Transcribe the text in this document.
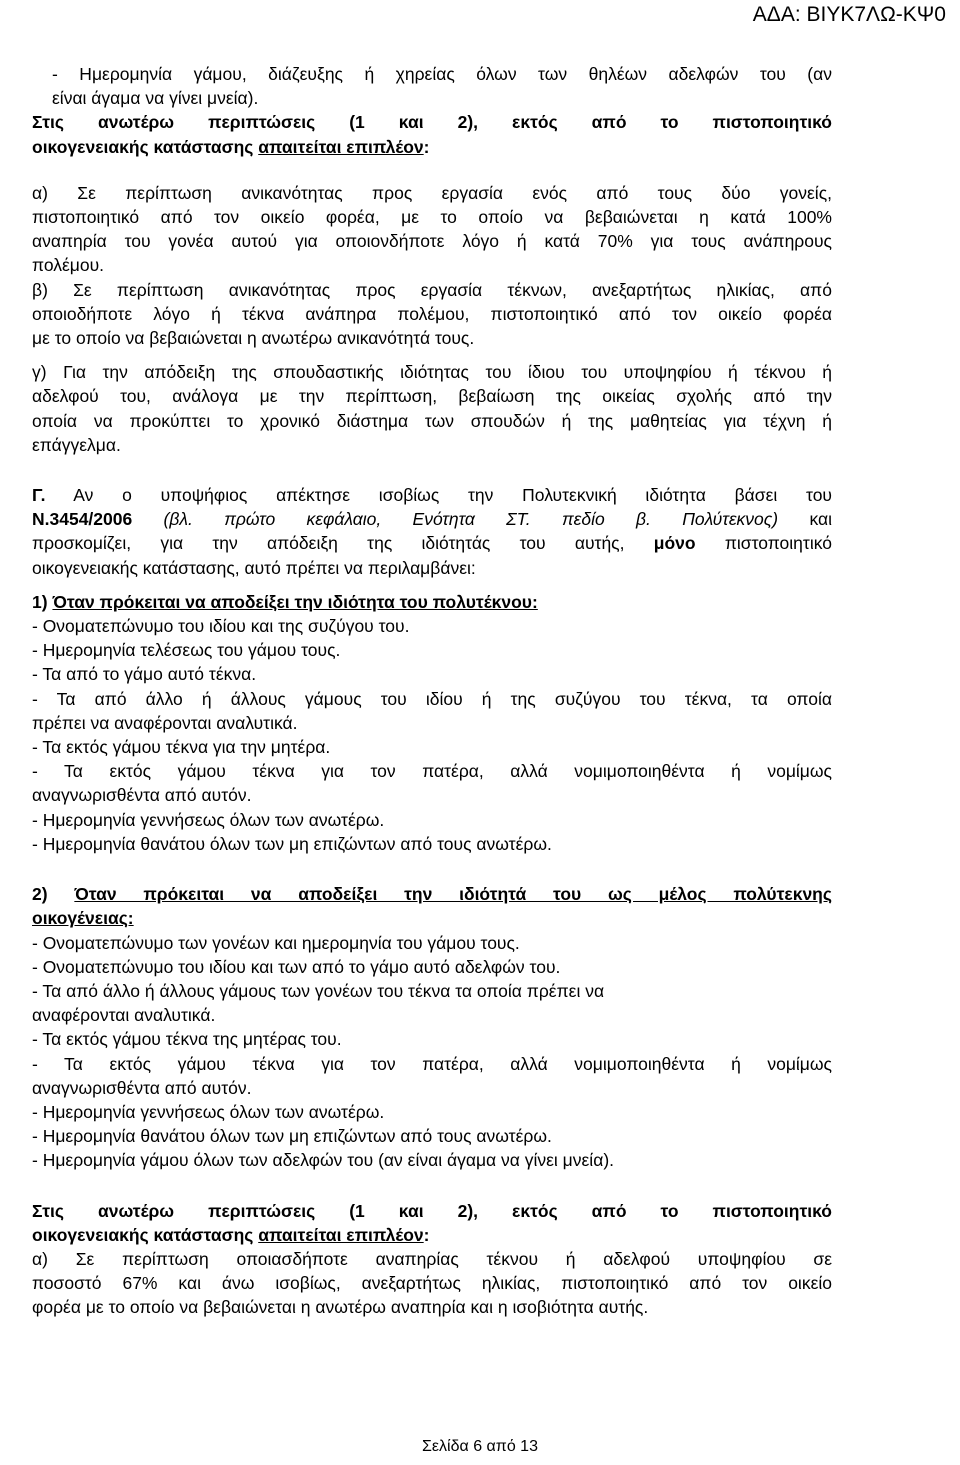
ΑΔΑ: ΒΙΥΚ7ΛΩ-ΚΨ0
- Ημερομηνία γάμου, διάζευξης ή χηρείας όλων των θηλέων αδελφών του (αν
είναι άγαμα να γίνει μνεία).
Στις ανωτέρω περιπτώσεις (1 και 2), εκτός από το πιστοποιητικό
οικογενειακής κατάστασης απαιτείται επιπλέον:
α) Σε περίπτωση ανικανότητας προς εργασία ενός από τους δύο γονείς,
πιστοποιητικό από τον οικείο φορέα, με το οποίο να βεβαιώνεται η κατά 100%
αναπηρία του γονέα αυτού για οποιονδήποτε λόγο ή κατά 70% για τους ανάπηρους
πολέμου.
β) Σε περίπτωση ανικανότητας προς εργασία τέκνων, ανεξαρτήτως ηλικίας, από
οποιοδήποτε λόγο ή τέκνα ανάπηρα πολέμου, πιστοποιητικό από τον οικείο φορέα
με το οποίο να βεβαιώνεται η ανωτέρω ανικανότητά τους.
γ) Για την απόδειξη της σπουδαστικής ιδιότητας του ίδιου του υποψηφίου ή τέκνου ή
αδελφού του, ανάλογα με την περίπτωση, βεβαίωση της οικείας σχολής από την
οποία να προκύπτει το χρονικό διάστημα των σπουδών ή της μαθητείας για τέχνη ή
επάγγελμα.
Γ. Αν ο υποψήφιος απέκτησε ισοβίως την Πολυτεκνική ιδιότητα βάσει του
Ν.3454/2006 (βλ. πρώτο κεφάλαιο, Ενότητα ΣΤ. πεδίο β. Πολύτεκνος) και
προσκομίζει, για την απόδειξη της ιδιότητάς του αυτής, μόνο πιστοποιητικό
οικογενειακής κατάστασης, αυτό πρέπει να περιλαμβάνει:
1) Όταν πρόκειται να αποδείξει την ιδιότητα του πολυτέκνου:
- Ονοματεπώνυμο του ιδίου και της συζύγου του.
- Ημερομηνία τελέσεως του γάμου τους.
- Τα από το γάμο αυτό τέκνα.
- Τα από άλλο ή άλλους γάμους του ιδίου ή της συζύγου του τέκνα, τα οποία
πρέπει να αναφέρονται αναλυτικά.
- Τα εκτός γάμου τέκνα για την μητέρα.
- Τα εκτός γάμου τέκνα για τον πατέρα, αλλά νομιμοποιηθέντα ή νομίμως
αναγνωρισθέντα από αυτόν.
- Ημερομηνία γεννήσεως όλων των ανωτέρω.
- Ημερομηνία θανάτου όλων των μη επιζώντων από τους ανωτέρω.
2) Όταν πρόκειται να αποδείξει την ιδιότητά του ως μέλος πολύτεκνης
οικογένειας:
- Ονοματεπώνυμο των γονέων και ημερομηνία του γάμου τους.
- Ονοματεπώνυμο του ιδίου και των από το γάμο αυτό αδελφών του.
- Τα από άλλο ή άλλους γάμους των γονέων του τέκνα τα οποία πρέπει να
αναφέρονται αναλυτικά.
- Τα εκτός γάμου τέκνα της μητέρας του.
- Τα εκτός γάμου τέκνα για τον πατέρα, αλλά νομιμοποιηθέντα ή νομίμως
αναγνωρισθέντα από αυτόν.
- Ημερομηνία γεννήσεως όλων των ανωτέρω.
- Ημερομηνία θανάτου όλων των μη επιζώντων από τους ανωτέρω.
- Ημερομηνία γάμου όλων των αδελφών του (αν είναι άγαμα να γίνει μνεία).
Στις ανωτέρω περιπτώσεις (1 και 2), εκτός από το πιστοποιητικό
οικογενειακής κατάστασης απαιτείται επιπλέον:
α) Σε περίπτωση οποιασδήποτε αναπηρίας τέκνου ή αδελφού υποψηφίου σε
ποσοστό 67% και άνω ισοβίως, ανεξαρτήτως ηλικίας, πιστοποιητικό από τον οικείο
φορέα με το οποίο να βεβαιώνεται η ανωτέρω αναπηρία και η ισοβιότητα αυτής.
Σελίδα 6 από 13
